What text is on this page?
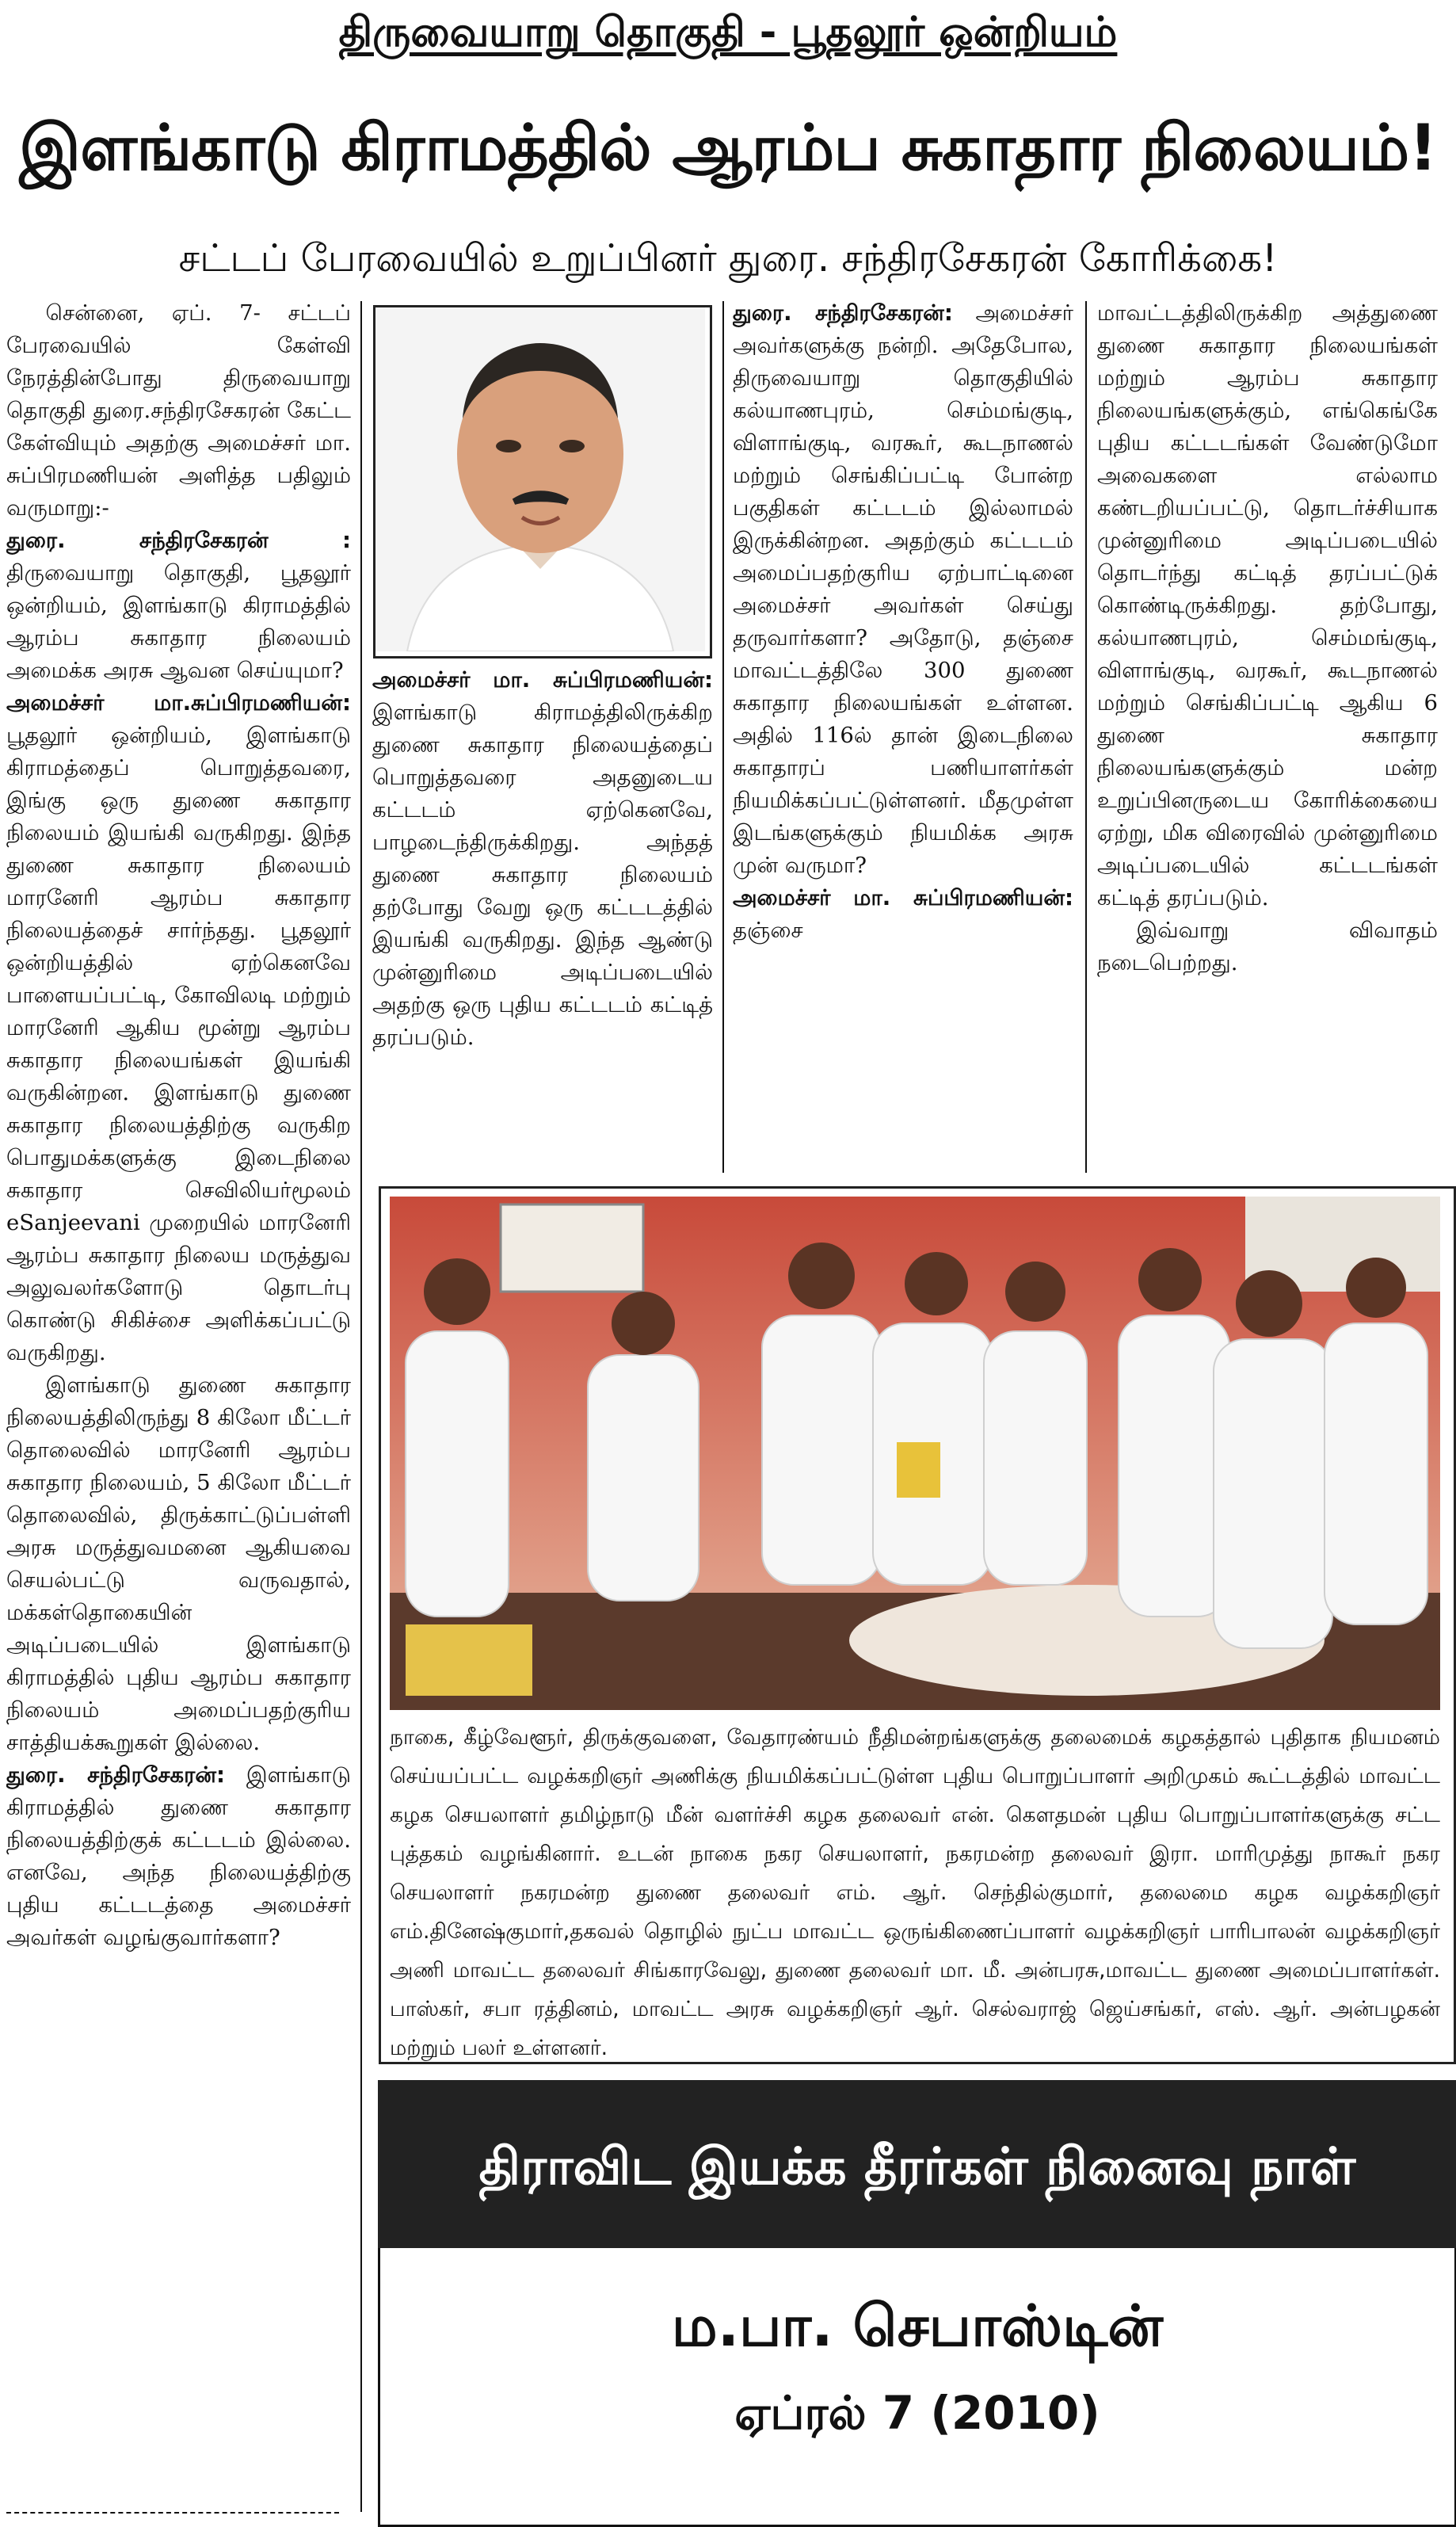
திருவையாறு தொகுதி - பூதலூர் ஒன்றியம்
இளங்காடு கிராமத்தில் ஆரம்ப சுகாதார நிலையம்!
சட்டப் பேரவையில் உறுப்பினர் துரை. சந்திரசேகரன் கோரிக்கை!

சென்னை, ஏப். 7- சட்டப் பேரவையில் கேள்வி நேரத்தின்போது திருவையாறு தொகுதி துரை.சந்திரசேகரன் கேட்ட கேள்வியும் அதற்கு அமைச்சர் மா. சுப்பிரமணியன் அளித்த பதிலும் வருமாறு:-

துரை. சந்திரசேகரன் : திருவையாறு தொகுதி, பூதலூர் ஒன்றியம், இளங்காடு கிராமத்தில் ஆரம்ப சுகாதார நிலையம் அமைக்க அரசு ஆவன செய்யுமா?

அமைச்சர் மா.சுப்பிரமணியன்: பூதலூர் ஒன்றியம், இளங்காடு கிராமத்தைப் பொறுத்தவரை, இங்கு ஒரு துணை சுகாதார நிலையம் இயங்கி வருகிறது. இந்த துணை சுகாதார நிலையம் மாரனேரி ஆரம்ப சுகாதார நிலையத்தைச் சார்ந்தது. பூதலூர் ஒன்றியத்தில் ஏற்கெனவே பாளையப்பட்டி, கோவிலடி மற்றும் மாரனேரி ஆகிய மூன்று ஆரம்ப சுகாதார நிலையங்கள் இயங்கி வருகின்றன. இளங்காடு துணை சுகாதார நிலையத்திற்கு வருகிற பொதுமக்களுக்கு இடைநிலை சுகாதார செவிலியர்மூலம் eSanjeevani முறையில் மாரனேரி ஆரம்ப சுகாதார நிலைய மருத்துவ அலுவலர்களோடு தொடர்பு கொண்டு சிகிச்சை அளிக்கப்பட்டு வருகிறது.

இளங்காடு துணை சுகாதார நிலையத்திலிருந்து 8 கிலோ மீட்டர் தொலைவில் மாரனேரி ஆரம்ப சுகாதார நிலையம், 5 கிலோ மீட்டர் தொலைவில், திருக்காட்டுப்பள்ளி அரசு மருத்துவமனை ஆகியவை செயல்பட்டு வருவதால், மக்கள்தொகையின் அடிப்படையில் இளங்காடு கிராமத்தில் புதிய ஆரம்ப சுகாதார நிலையம் அமைப்பதற்குரிய சாத்தியக்கூறுகள் இல்லை.

துரை. சந்திரசேகரன்: இளங்காடு கிராமத்தில் துணை சுகாதார நிலையத்திற்குக் கட்டடம் இல்லை. எனவே, அந்த நிலையத்திற்கு புதிய கட்டடத்தை அமைச்சர் அவர்கள் வழங்குவார்களா?

அமைச்சர் மா. சுப்பிரமணியன்: இளங்காடு கிராமத்திலிருக்கிற துணை சுகாதார நிலையத்தைப் பொறுத்தவரை அதனுடைய கட்டடம் ஏற்கெனவே, பாழடைந்திருக்கிறது. அந்தத் துணை சுகாதார நிலையம் தற்போது வேறு ஒரு கட்டடத்தில் இயங்கி வருகிறது. இந்த ஆண்டு முன்னுரிமை அடிப்படையில் அதற்கு ஒரு புதிய கட்டடம் கட்டித் தரப்படும்.

துரை. சந்திரசேகரன்: அமைச்சர் அவர்களுக்கு நன்றி. அதேபோல, திருவையாறு தொகுதியில் கல்யாணபுரம், செம்மங்குடி, விளாங்குடி, வரகூர், கூடநாணல் மற்றும் செங்கிப்பட்டி போன்ற பகுதிகள் கட்டடம் இல்லாமல் இருக்கின்றன. அதற்கும் கட்டடம் அமைப்பதற்குரிய ஏற்பாட்டினை அமைச்சர் அவர்கள் செய்து தருவார்களா? அதோடு, தஞ்சை மாவட்டத்திலே 300 துணை சுகாதார நிலையங்கள் உள்ளன. அதில் 116ல் தான் இடைநிலை சுகாதாரப் பணியாளர்கள் நியமிக்கப்பட்டுள்ளனர். மீதமுள்ள இடங்களுக்கும் நியமிக்க அரசு முன் வருமா?

அமைச்சர் மா. சுப்பிரமணியன்: தஞ்சை

மாவட்டத்திலிருக்கிற அத்துணை துணை சுகாதார நிலையங்கள் மற்றும் ஆரம்ப சுகாதார நிலையங்களுக்கும், எங்கெங்கே புதிய கட்டடங்கள் வேண்டுமோ அவைகளை எல்லாம கண்டறியப்பட்டு, தொடர்ச்சியாக முன்னுரிமை அடிப்படையில் தொடர்ந்து கட்டித் தரப்பட்டுக் கொண்டிருக்கிறது. தற்போது, கல்யாணபுரம், செம்மங்குடி, விளாங்குடி, வரகூர், கூடநாணல் மற்றும் செங்கிப்பட்டி ஆகிய 6 துணை சுகாதார நிலையங்களுக்கும் மன்ற உறுப்பினருடைய கோரிக்கையை ஏற்று, மிக விரைவில் முன்னுரிமை அடிப்படையில் கட்டடங்கள் கட்டித் தரப்படும்.

இவ்வாறு விவாதம் நடைபெற்றது.

நாகை, கீழ்வேளூர், திருக்குவளை, வேதாரண்யம் நீதிமன்றங்களுக்கு தலைமைக் கழகத்தால் புதிதாக நியமனம் செய்யப்பட்ட வழக்கறிஞர் அணிக்கு நியமிக்கப்பட்டுள்ள புதிய பொறுப்பாளர் அறிமுகம் கூட்டத்தில் மாவட்ட கழக செயலாளர் தமிழ்நாடு மீன் வளர்ச்சி கழக தலைவர் என். கௌதமன் புதிய பொறுப்பாளர்களுக்கு சட்ட புத்தகம் வழங்கினார். உடன் நாகை நகர செயலாளர், நகரமன்ற தலைவர் இரா. மாரிமுத்து நாகூர் நகர செயலாளர் நகரமன்ற துணை தலைவர் எம். ஆர். செந்தில்குமார், தலைமை கழக வழக்கறிஞர் எம்.தினேஷ்குமார்,தகவல் தொழில் நுட்ப மாவட்ட ஒருங்கிணைப்பாளர் வழக்கறிஞர் பாரிபாலன் வழக்கறிஞர் அணி மாவட்ட தலைவர் சிங்காரவேலு, துணை தலைவர் மா. மீ. அன்பரசு,மாவட்ட துணை அமைப்பாளர்கள். பாஸ்கர், சபா ரத்தினம், மாவட்ட அரசு வழக்கறிஞர் ஆர். செல்வராஜ் ஜெய்சங்கர், எஸ். ஆர். அன்பழகன் மற்றும் பலர் உள்ளனர்.
திராவிட இயக்க தீரர்கள் நினைவு நாள்
ம.பா. செபாஸ்டின்
ஏப்ரல் 7 (2010)
